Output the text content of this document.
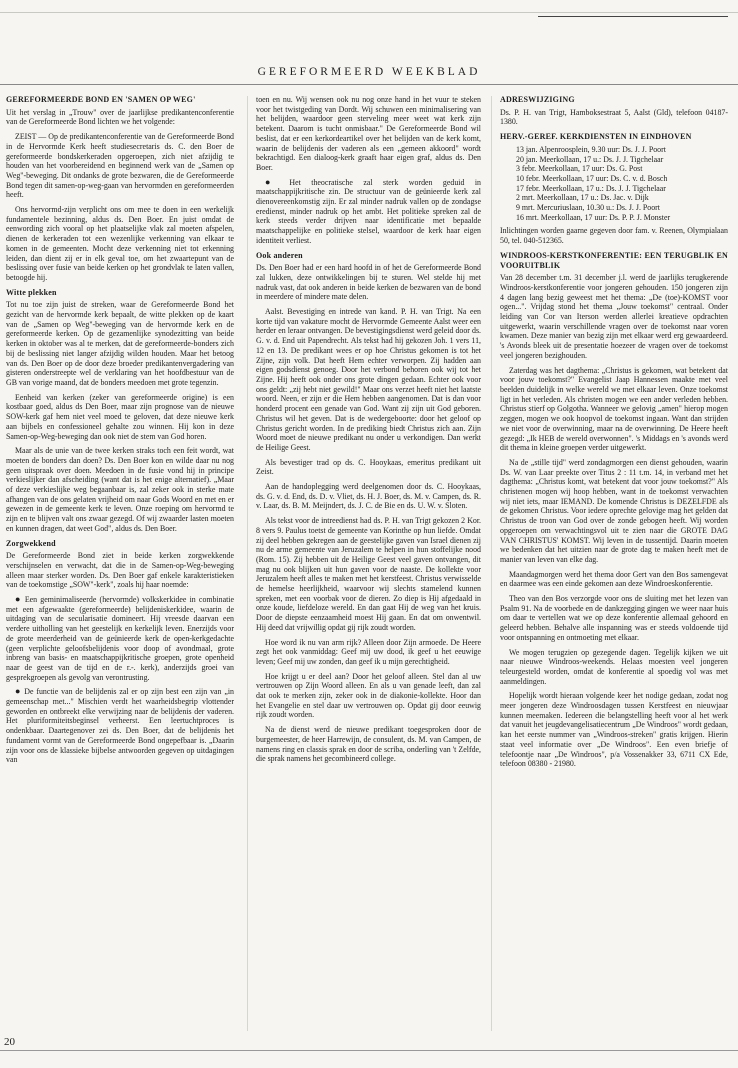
GEREFORMEERD WEEKBLAD
GEREFORMEERDE BOND EN 'SAMEN OP WEG'

Uit het verslag in „Trouw" over de jaarlijkse predikantenconferentie van de Gereformeerde Bond lichten we het volgende:

ZEIST — Op de predikantenconferentie van de Gereformeerde Bond in de Hervormde Kerk heeft studiesecretaris ds. C. den Boer de gereformeerde bondskerkeraden opgeroepen, zich niet afzijdig te houden van het voorbereidend en beginnend werk van de „Samen op Weg"-beweging. Dit ondanks de grote bezwaren, die de Gereformeerde Bond tegen dit samen-op-weg-gaan van hervormden en gereformeerden heeft.

Ons hervormd-zijn verplicht ons om mee te doen in een werkelijk fundamentele bezinning, aldus ds. Den Boer. En juist omdat de eenwording zich vooral op het plaatselijke vlak zal moeten afspelen, dienen de kerkeraden tot een wezenlijke verkenning van elkaar te komen in de gemeenten. Mocht deze verkenning niet tot erkenning leiden, dan dient zij er in elk geval toe, om het zwaartepunt van de beslissing over fusie van beide kerken op het grondvlak te laten vallen, betoogde hij.

Witte plekken

Tot nu toe zijn juist de streken, waar de Gereformeerde Bond het gezicht van de hervormde kerk bepaalt, de witte plekken op de kaart van de „Samen op Weg"-beweging van de hervormde kerk en de gereformeerde kerken. Op de gezamenlijke synodezitting van beide kerken in oktober was al te merken, dat de gereformeerde-bonders zich bij de beslissing niet langer afzijdig wilden houden. Maar het betoog van ds. Den Boer op de door deze broeder predikantenvergadering van gisteren onderstreepte wel de verklaring van het hoofdbestuur van de GB van vorige maand, dat de bonders meedoen met grote tegenzin.

Eenheid van kerken (zeker van gereformeerde origine) is een kostbaar goed, aldus ds Den Boer, maar zijn prognose van de nieuwe SOW-kerk gaf hem niet veel moed te geloven, dat deze nieuwe kerk aan bijbels en confessioneel gehalte zou winnen. Hij kon in deze Samen-op-Weg-beweging dan ook niet de stem van God horen.

Maar als de unie van de twee kerken straks toch een feit wordt, wat moeten de bonders dan doen? Ds. Den Boer kon en wilde daar nu nog geen uitspraak over doen. Meedoen in de fusie vond hij in principe verkieslijker dan afscheiding (want dat is het enige alternatief). „Maar of deze verkieslijke weg begaanbaar is, zal zeker ook in sterke mate afhangen van de ons gelaten vrijheid om naar Gods Woord en met en er gewezen in de gemeente kerk te leven. Onze roeping om hervormd te zijn en te blijven valt ons zwaar gezegd. Of wij zwaarder lasten moeten en kunnen dragen, dat weet God", aldus ds. Den Boer.

Zorgwekkend

De Gereformeerde Bond ziet in beide kerken zorgwekkende verschijnselen en verwacht, dat die in de Samen-op-Weg-beweging alleen maar sterker worden. Ds. Den Boer gaf enkele karakteristieken van de toekomstige „SOW"-kerk", zoals hij haar noemde:

● Een geminimaliseerde (hervormde) volkskerkidee in combinatie met een afgewaakte (gereformeerde) belijdeniskerkidee, waarin de uitdaging van de secularisatie domineert. Hij vreesde daarvan een verdere uitholling van het geestelijk en kerkelijk leven. Enerzijds voor de grote meerderheid van de geünieerde kerk de open-kerkgedachte (geen verplichte geloofsbelijdenis voor doop of avondmaal, grote inbreng van basis- en maatschappijkritische groepen, grote openheid naar de geest van de tijd en de r.-. kerk), anderzijds groei van gesprekgroepen als gevolg van verontrusting.

● De functie van de belijdenis zal er op zijn best een zijn van „in gemeenschap met..." Mischien verdt het waarheidsbegrip vlottender geworden en ontbreekt elke verwijzing naar de belijdenis der vaderen. Het pluriformiteitsbeginsel verheerst. Een leertuchtproces is ondenkbaar. Daartegenover zei ds. Den Boer, dat de belijdenis het fundament vormt van de Gereformeerde Bond ongepefbaar is. „Daarin zijn voor ons de klassieke bijbelse antwoorden gegeven op uitdagingen van

toen en nu. Wij wensen ook nu nog onze hand in het vuur te steken voor het twistgeding van Dordt. Wij schuwen een minimalisering van het belijden, waardoor geen sterveling meer weet wat kerk zijn betekent. Daarom is tucht onmisbaar." De Gereformeerde Bond wil beslist, dat er een kerkordeartikel over het belijden van de kerk komt, waarin de belijdenis der vaderen als een „gemeen akkoord" wordt bekrachtigd. Een dialoog-kerk graaft haar eigen graf, aldus ds. Den Boer.

● Het theocratische zal sterk worden geduid in maatschappijkritische zin. De structuur van de geünieerde kerk zal dienovereenkomstig zijn. Er zal minder nadruk vallen op de zondagse eredienst, minder nadruk op het ambt. Het politieke spreken zal de kerk steeds verder drijven naar identificatie met bepaalde maatschappelijke en politieke stelsel, waardoor de kerk haar eigen identiteit verliest.

Ook anderen

Ds. Den Boer had er een hard hoofd in of het de Gereformeerde Bond zal lukken, deze ontwikkelingen bij te sturen. Wel stelde hij met nadruk vast, dat ook anderen in beide kerken de bezwaren van de bond in meerdere of mindere mate delen.

Aalst. Bevestiging en intrede van kand. P. H. van Trigt. Na een korte tijd van vakature mocht de Hervormde Gemeente Aalst weer een herder en leraar ontvangen. De bevestigingsdienst werd geleid door ds. G. v. d. End uit Papendrecht. Als tekst had hij gekozen Joh. 1 vers 11, 12 en 13. De predikant wees er op hoe Christus gekomen is tot het Zijne, zijn volk. Dat heeft Hem echter verworpen. Zij hadden aan eigen godsdienst genoeg. Door het verbond behoren ook wij tot het Zijne. Hij heeft ook onder ons grote dingen gedaan. Echter ook voor ons geldt: „zij hebt niet gewild!" Maar ons verzet heeft niet het laatste woord. Neen, er zijn er die Hem hebben aangenomen. Dat is dan voor honderd procent een genade van God. Want zij zijn uit God geboren. Christus wil het geven. Dat is de wedergeboorte: door het geloof op Christus gericht worden. In de prediking biedt Christus zich aan. Zijn Woord moet de nieuwe predikant nu onder u verkondigen. Dan werkt de Heilige Geest.

Als bevestiger trad op ds. C. Hooykaas, emeritus predikant uit Zeist.

Aan de handoplegging werd deelgenomen door ds. C. Hooykaas, ds. G. v. d. End, ds. D. v. Vliet, ds. H. J. Boer, ds. M. v. Campen, ds. R. v. Laar, ds. B. M. Meijndert, ds. J. C. de Bie en ds. U. W. v. Sloten.

Als tekst voor de intreedienst had ds. P. H. van Trigt gekozen 2 Kor. 8 vers 9. Paulus toetst de gemeente van Korinthe op hun liefde. Omdat zij deel hebben gekregen aan de geestelijke gaven van Israel dienen zij nu de arme gemeente van Jeruzalem te helpen in hun stoffelijke nood (Rom. 15). Zij hebben uit de Heilige Geest veel gaven ontvangen, dit mag nu ook blijken uit hun gaven voor de naaste. De kollekte voor Jeruzalem heeft alles te maken met het kerstfeest. Christus verwisselde de hemelse heerlijkheid, waarvoor wij slechts stamelend kunnen spreken, met een voorbak voor de dieren. Zo diep is Hij afgedaald in onze koude, liefdeloze wereld. En dan gaat Hij de weg van het kruis. Door de diepste eenzaamheid moest Hij gaan. En dat om onwentwil. Hij deed dat vrijwillig opdat gij rijk zoudt worden.

Hoe word ik nu van arm rijk? Alleen door Zijn armoede. De Heere zegt het ook vanmiddag: Geef mij uw dood, ik geef u het eeuwige leven; Geef mij uw zonden, dan geef ik u mijn gerechtigheid.

Hoe krijgt u er deel aan? Door het geloof alleen. Stel dan al uw vertrouwen op Zijn Woord alleen. En als u van genade leeft, dan zal dat ook te merken zijn, zeker ook in de diakonie-kollekte. Hoor dan het Evangelie en stel daar uw vertrouwen op. Opdat gij door eeuwig rijk zoudt worden.

Na de dienst werd de nieuwe predikant toegesproken door de burgemeester, de heer Harrewijn, de consulent, ds. M. van Campen, de namens ring en classis sprak en door de scriba, onderling van 't Zelfde, die sprak namens het gecombineerd college.

ADRESWIJZIGING

Ds. P. H. van Trigt, Hamboksestraat 5, Aalst (Gld), telefoon 04187-1380.

HERV.-GEREF. KERKDIENSTEN IN EINDHOVEN
13 jan. Alpenroosplein, 9.30 uur: Ds. J. J. Poort
20 jan. Meerkollaan, 17 u.: Ds. J. J. Tigchelaar
3 febr. Meerkollaan, 17 uur: Ds. G. Post
10 febr. Meerkollaan, 17 uur: Ds. C. v. d. Bosch
17 febr. Meerkollaan, 17 u.: Ds. J. J. Tigchelaar
2 mrt. Meerkollaan, 17 u.: Ds. Jac. v. Dijk
9 mrt. Mercuriuslaan, 10.30 u.: Ds. J. J. Poort
16 mrt. Meerkollaan, 17 uur: Ds. P. P. J. Monster

Inlichtingen worden gaarne gegeven door fam. v. Reenen, Olympialaan 50, tel. 040-512365.

WINDROOS-KERSTKONFERENTIE: EEN TERUGBLIK EN VOORUITBLIK

Van 28 december t.m. 31 december j.l. werd de jaarlijks terugkerende Windroos-kerstkonferentie voor jongeren gehouden. 150 jongeren zijn 4 dagen lang bezig geweest met het thema: „De (toe)-KOMST voor ogen...". Vrijdag stond het thema „Jouw toekomst" centraal. Onder leiding van Cor van Iterson werden allerlei kreatieve opdrachten uitgewerkt, waarin verschillende vragen over de toekomst naar voren kwamen. Deze manier van bezig zijn met elkaar werd erg gewaardeerd. 's Avonds bleek uit de presentatie hoezeer de vragen over de toekomst veel jongeren bezighouden.

Zaterdag was het dagthema: „Christus is gekomen, wat betekent dat voor jouw toekomst?" Evangelist Jaap Hannessen maakte met veel beelden duidelijk in welke wereld we met elkaar leven. Onze toekomst ligt in het verleden. Als christen mogen we een ander verleden hebben. Christus stierf op Golgotha. Wanneer we gelovig „amen" hierop mogen zeggen, mogen we ook hoopvol de toekomst ingaan. Want dan strijden we niet voor de overwinning, maar na de overwinning. De Heere heeft gezegd: „Ik HEB de wereld overwonnen". 's Middags en 's avonds werd dit thema in kleine groepen verder uitgewerkt.

Na de „stille tijd" werd zondagmorgen een dienst gehouden, waarin Ds. W. van Laar preekte over Titus 2 : 11 t.m. 14, in verband met het dagthema: „Christus komt, wat betekent dat voor jouw toekomst?" Als christenen mogen wij hoop hebben, want in de toekomst verwachten wij niet iets, maar IEMAND. De komende Christus is DEZELFDE als de gekomen Christus. Voor iedere oprechte gelovige mag het gelden dat Christus de troon van God over de zonde gebogen heeft. Wij worden opgeroepen om verwachtingsvol uit te zien naar die GROTE DAG VAN CHRISTUS' KOMST. Wij leven in de tussentijd. Daarin moeten we bedenken dat het uitzien naar de grote dag te maken heeft met de manier van leven van elke dag.

Maandagmorgen werd het thema door Gert van den Bos samengevat en daarmee was een einde gekomen aan deze Windroeskonferentie.

Theo van den Bos verzorgde voor ons de sluiting met het lezen van Psalm 91. Na de voorbede en de dankzegging gingen we weer naar huis om daar te vertellen wat we op deze konferentie allemaal gehoord en geleerd hebben. Behalve alle inspanning was er steeds voldoende tijd voor ontspanning en ontmoeting met elkaar.

We mogen terugzien op gezegende dagen. Tegelijk kijken we uit naar nieuwe Windroos-weekends. Helaas moesten veel jongeren teleurgesteld worden, omdat de konferentie al spoedig vol was met aanmeldingen.

Hopelijk wordt hieraan volgende keer het nodige gedaan, zodat nog meer jongeren deze Windroosdagen tussen Kerstfeest en nieuwjaar kunnen meemaken. Iedereen die belangstelling heeft voor al het werk dat vanuit het jeugdevangelisatiecentrum „De Windroos" wordt gedaan, kan het eerste nummer van „Windroos-streken" gratis krijgen. Hierin staat veel informatie over „De Windroos". Een even briefje of telefoontje naar „De Windroos", p/a Vossenakker 33, 6711 CX Ede, telefoon 08380 - 21980.

20
